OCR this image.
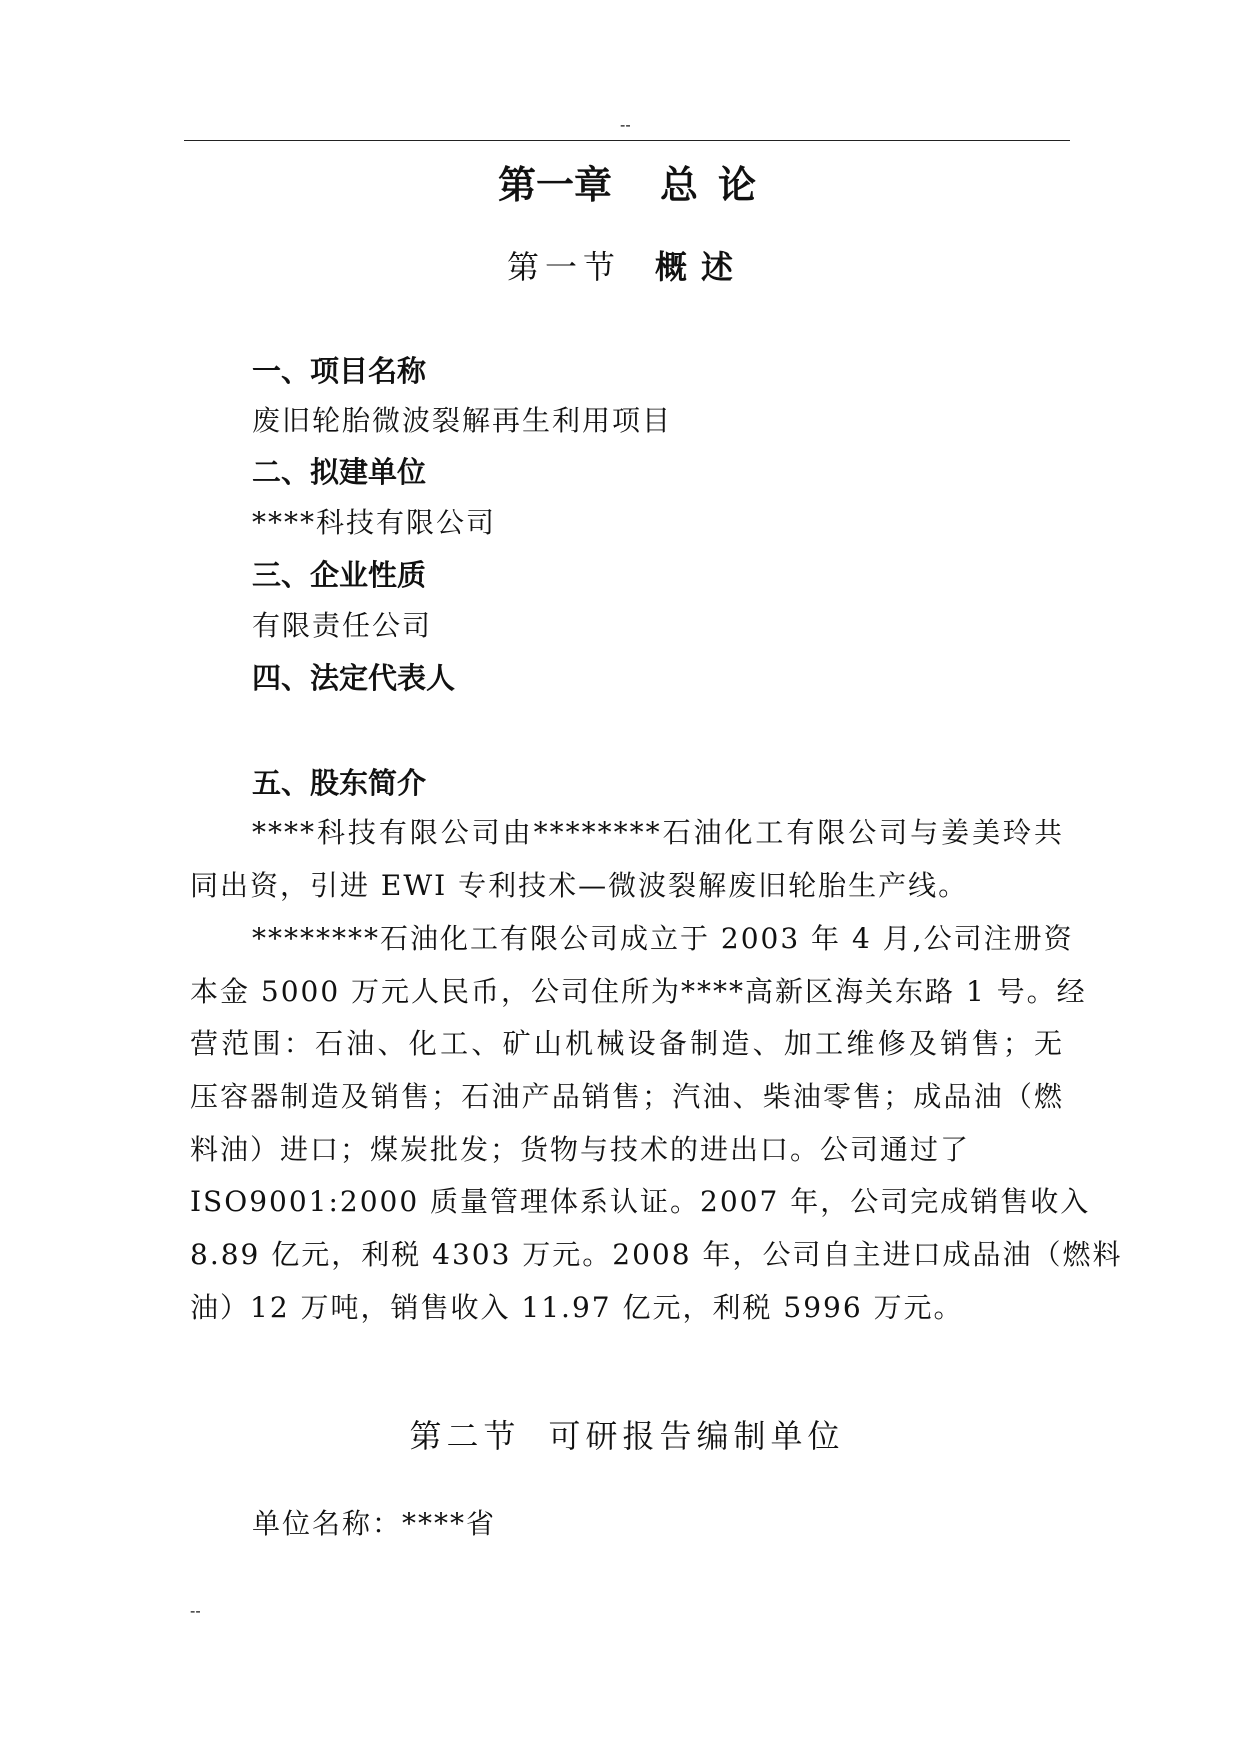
--
第一章 总 论
第一节 概述
一、项目名称
废旧轮胎微波裂解再生利用项目
二、拟建单位
****科技有限公司
三、企业性质
有限责任公司
四、法定代表人
五、股东简介
****科技有限公司由********石油化工有限公司与姜美玲共
同出资，引进 EWI 专利技术—微波裂解废旧轮胎生产线。
********石油化工有限公司成立于 2003 年 4 月,公司注册资
本金 5000 万元人民币，公司住所为****高新区海关东路 1 号。经
营范围：石油、化工、矿山机械设备制造、加工维修及销售；无
压容器制造及销售；石油产品销售；汽油、柴油零售；成品油（燃
料油）进口；煤炭批发；货物与技术的进出口。公司通过了
ISO9001:2000 质量管理体系认证。2007 年，公司完成销售收入
8.89 亿元，利税 4303 万元。2008 年，公司自主进口成品油（燃料
油）12 万吨，销售收入 11.97 亿元，利税 5996 万元。
第二节 可研报告编制单位
单位名称：****省
--
